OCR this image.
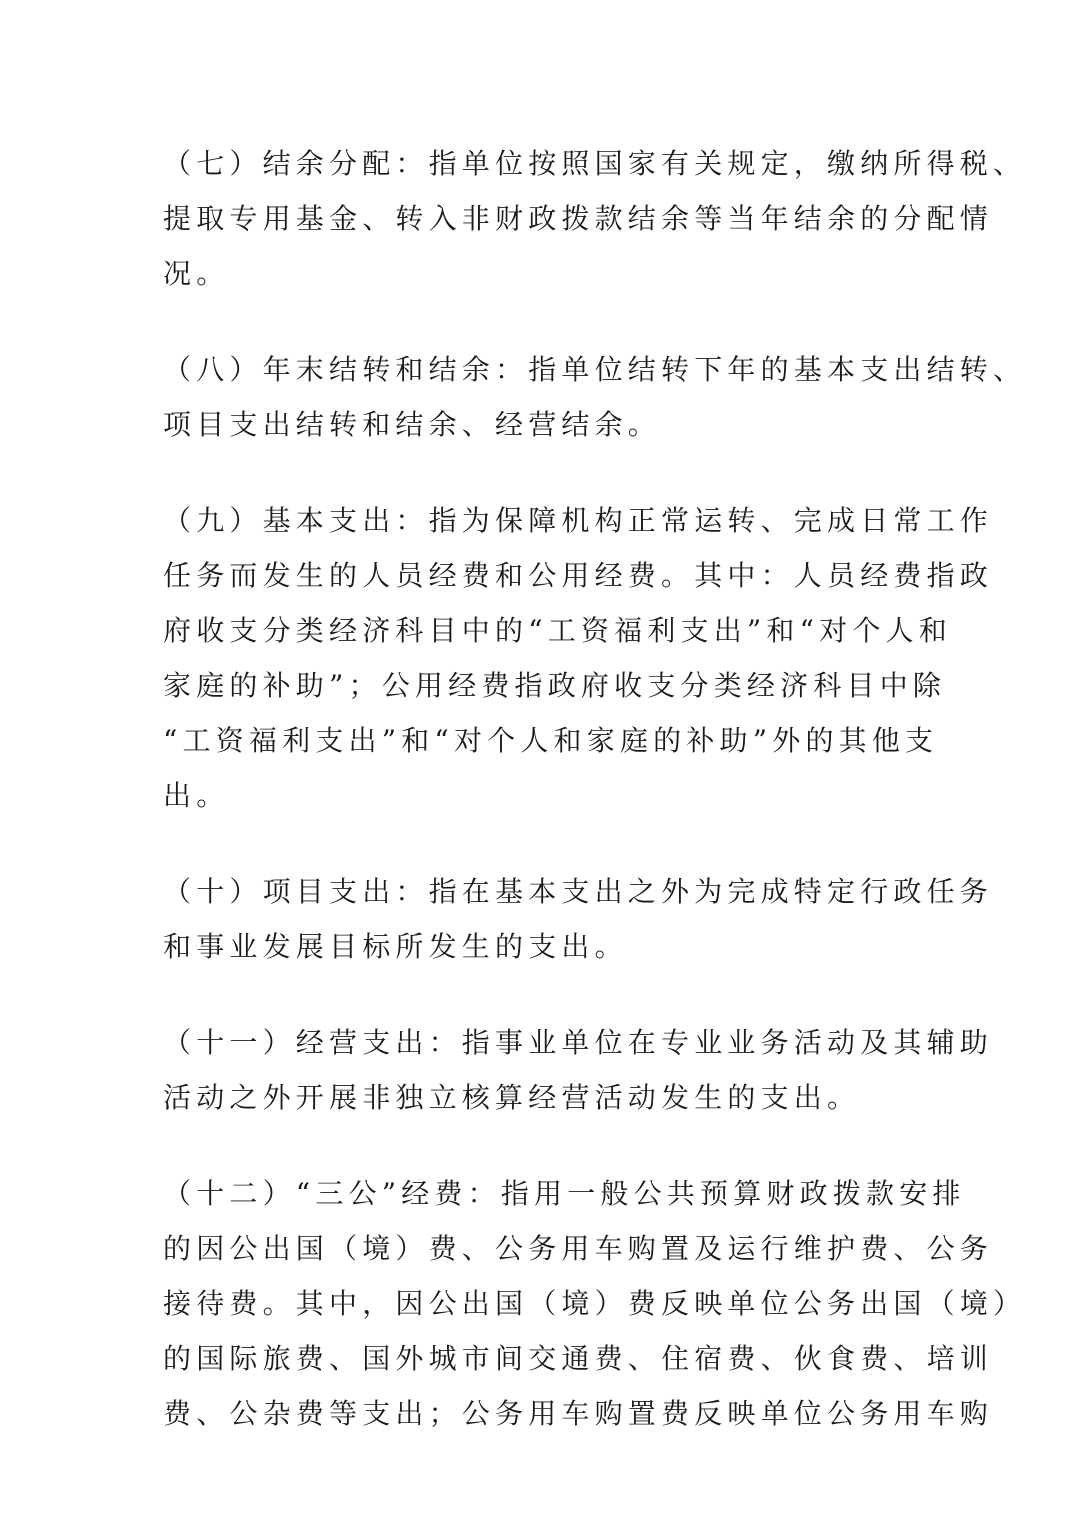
（七）结余分配：指单位按照国家有关规定，缴纳所得税、
提取专用基金、转入非财政拨款结余等当年结余的分配情
况。
（八）年末结转和结余：指单位结转下年的基本支出结转、
项目支出结转和结余、经营结余。
（九）基本支出：指为保障机构正常运转、完成日常工作
任务而发生的人员经费和公用经费。其中：人员经费指政
府收支分类经济科目中的“工资福利支出”和“对个人和
家庭的补助”；公用经费指政府收支分类经济科目中除
“工资福利支出”和“对个人和家庭的补助”外的其他支
出。
（十）项目支出：指在基本支出之外为完成特定行政任务
和事业发展目标所发生的支出。
（十一）经营支出：指事业单位在专业业务活动及其辅助
活动之外开展非独立核算经营活动发生的支出。
（十二）“三公”经费：指用一般公共预算财政拨款安排
的因公出国（境）费、公务用车购置及运行维护费、公务
接待费。其中，因公出国（境）费反映单位公务出国（境）
的国际旅费、国外城市间交通费、住宿费、伙食费、培训
费、公杂费等支出；公务用车购置费反映单位公务用车购
